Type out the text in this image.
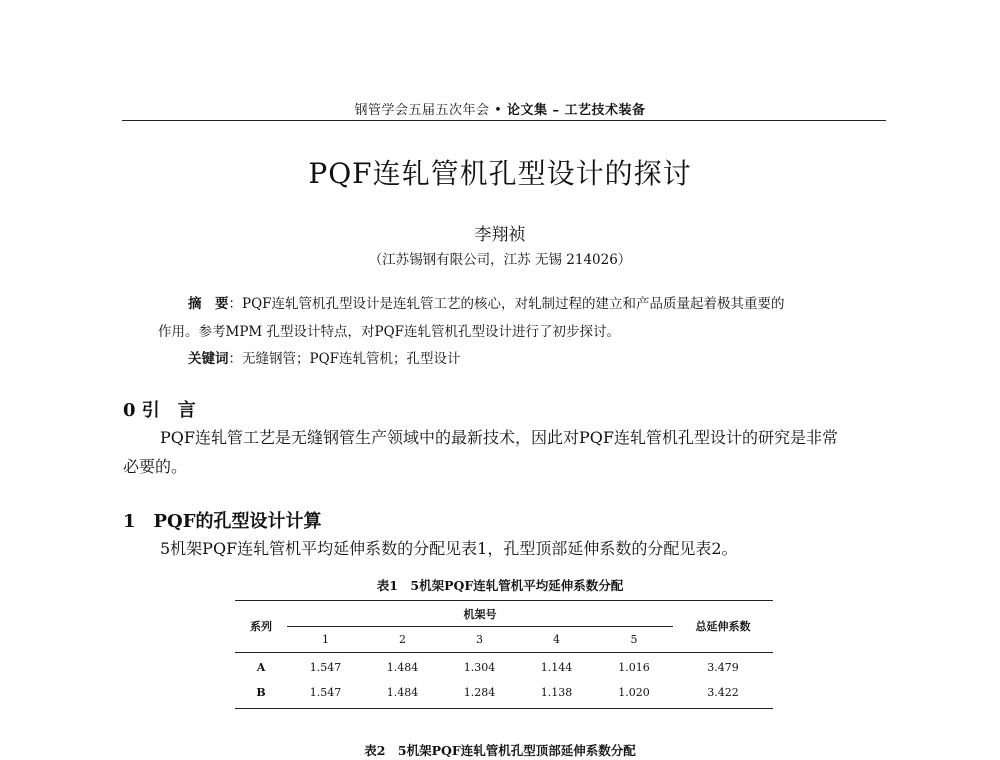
钢管学会五届五次年会 • 论文集 – 工艺技术装备
PQF连轧管机孔型设计的探讨
李翔祯
（江苏锡钢有限公司，江苏 无锡 214026）
摘　要：PQF连轧管机孔型设计是连轧管工艺的核心，对轧制过程的建立和产品质量起着极其重要的
作用。参考MPM 孔型设计特点，对PQF连轧管机孔型设计进行了初步探讨。
关键词：无缝钢管；PQF连轧管机；孔型设计
0 引　言
PQF连轧管工艺是无缝钢管生产领域中的最新技术，因此对PQF连轧管机孔型设计的研究是非常
必要的。
1　PQF的孔型设计计算
5机架PQF连轧管机平均延伸系数的分配见表1，孔型顶部延伸系数的分配见表2。
表1　5机架PQF连轧管机平均延伸系数分配
系列
机架号
总延伸系数
1	2	3	4	5
A	1.547	1.484	1.304	1.144	1.016	3.479
B	1.547	1.484	1.284	1.138	1.020	3.422
表2　5机架PQF连轧管机孔型顶部延伸系数分配
